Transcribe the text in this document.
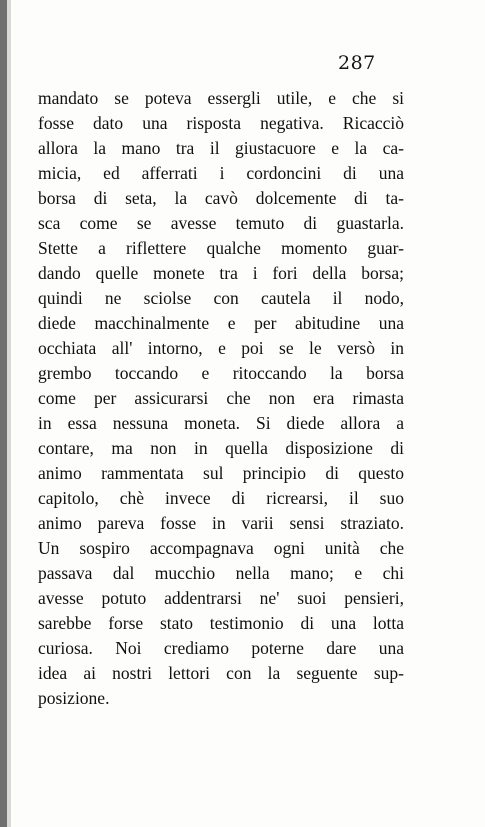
287
mandato se poteva essergli utile, e che si
fosse dato una risposta negativa. Ricacciò
allora la mano tra il giustacuore e la ca-
micia, ed afferrati i cordoncini di una
borsa di seta, la cavò dolcemente di ta-
sca come se avesse temuto di guastarla.
Stette a riflettere qualche momento guar-
dando quelle monete tra i fori della borsa;
quindi ne sciolse con cautela il nodo,
diede macchinalmente e per abitudine una
occhiata all' intorno, e poi se le versò in
grembo toccando e ritoccando la borsa
come per assicurarsi che non era rimasta
in essa nessuna moneta. Si diede allora a
contare, ma non in quella disposizione di
animo rammentata sul principio di questo
capitolo, chè invece di ricrearsi, il suo
animo pareva fosse in varii sensi straziato.
Un sospiro accompagnava ogni unità che
passava dal mucchio nella mano; e chi
avesse potuto addentrarsi ne' suoi pensieri,
sarebbe forse stato testimonio di una lotta
curiosa. Noi crediamo poterne dare una
idea ai nostri lettori con la seguente sup-
posizione.
